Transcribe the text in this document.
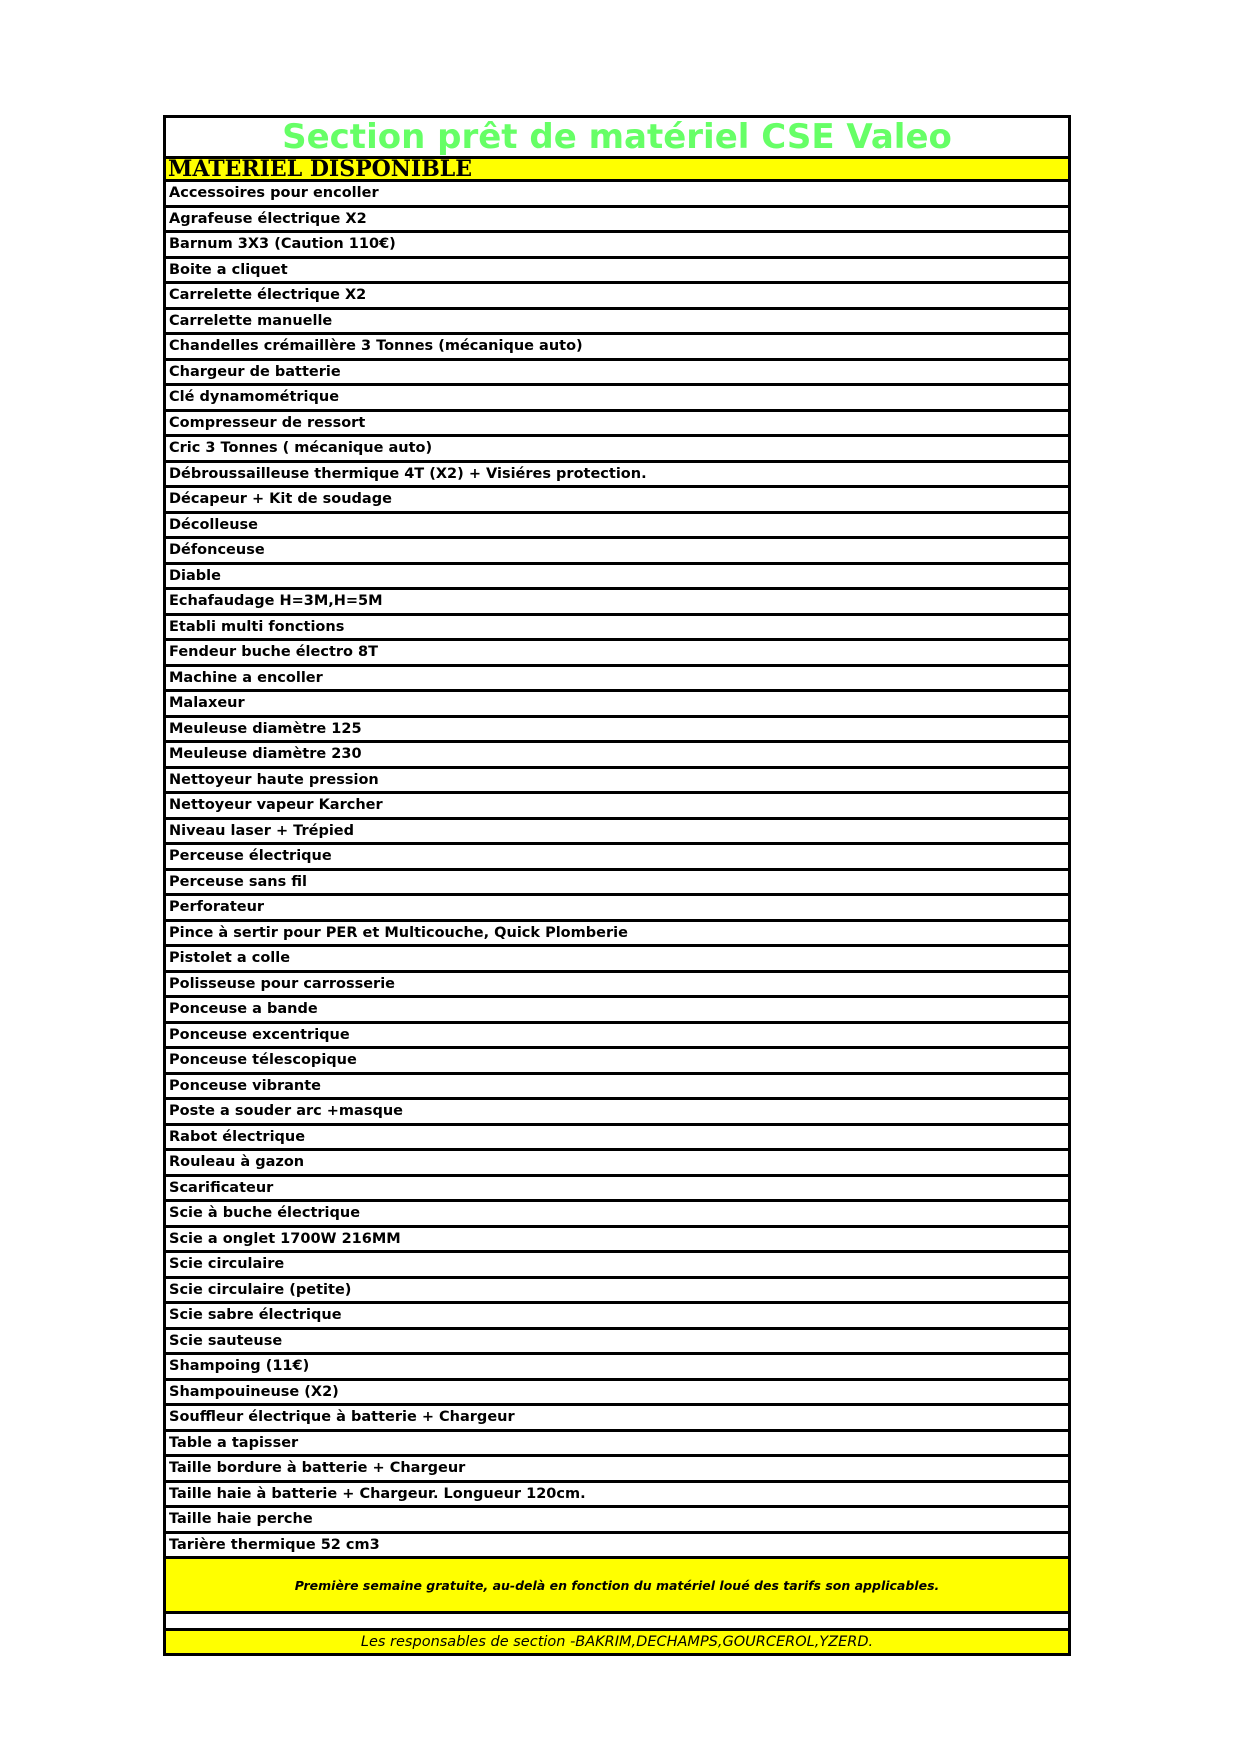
Section prêt de matériel CSE Valeo
MATERIEL DISPONIBLE
Accessoires pour encoller
Agrafeuse électrique X2
Barnum 3X3 (Caution 110€)
Boite a cliquet
Carrelette électrique X2
Carrelette manuelle
Chandelles crémaillère 3 Tonnes (mécanique auto)
Chargeur de batterie
Clé dynamométrique
Compresseur de ressort
Cric 3 Tonnes ( mécanique auto)
Débroussailleuse thermique 4T (X2) + Visiéres protection.
Décapeur + Kit de soudage
Décolleuse
Défonceuse
Diable
Echafaudage H=3M,H=5M
Etabli multi fonctions
Fendeur buche électro 8T
Machine a encoller
Malaxeur
Meuleuse diamètre 125
Meuleuse diamètre 230
Nettoyeur haute pression
Nettoyeur vapeur Karcher
Niveau laser + Trépied
Perceuse électrique
Perceuse sans fil
Perforateur
Pince à sertir pour PER et Multicouche, Quick Plomberie
Pistolet a colle
Polisseuse pour carrosserie
Ponceuse a bande
Ponceuse excentrique
Ponceuse télescopique
Ponceuse vibrante
Poste a souder arc +masque
Rabot électrique
Rouleau à gazon
Scarificateur
Scie à buche électrique
Scie a onglet 1700W 216MM
Scie circulaire
Scie circulaire (petite)
Scie sabre électrique
Scie sauteuse
Shampoing (11€)
Shampouineuse (X2)
Souffleur électrique à batterie + Chargeur
Table a tapisser
Taille bordure à batterie + Chargeur
Taille haie à batterie + Chargeur. Longueur 120cm.
Taille haie perche
Tarière thermique 52 cm3
Première semaine gratuite, au-delà en fonction du matériel loué des tarifs son applicables.
Les responsables de section -BAKRIM,DECHAMPS,GOURCEROL,YZERD.
